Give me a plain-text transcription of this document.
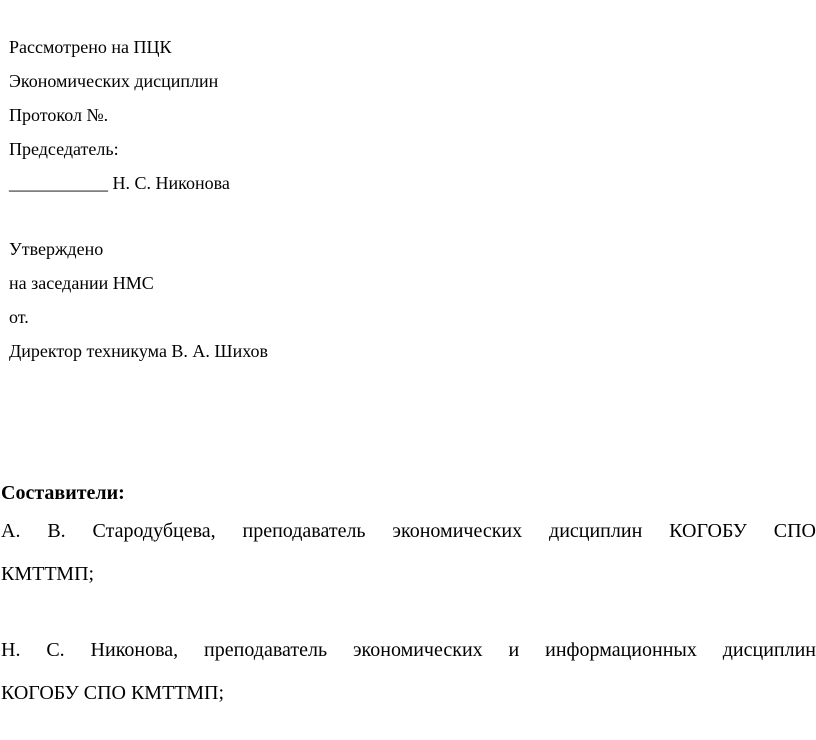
Рассмотрено на ПЦК
Экономических дисциплин
Протокол №.
Председатель:
___________ Н. С. Никонова
Утверждено
на заседании НМС
от.
Директор техникума В. А. Шихов
Составители:
А. В. Стародубцева, преподаватель экономических дисциплин КОГОБУ СПО
КМТТМП;
Н. С. Никонова, преподаватель экономических и информационных дисциплин
КОГОБУ СПО КМТТМП;
